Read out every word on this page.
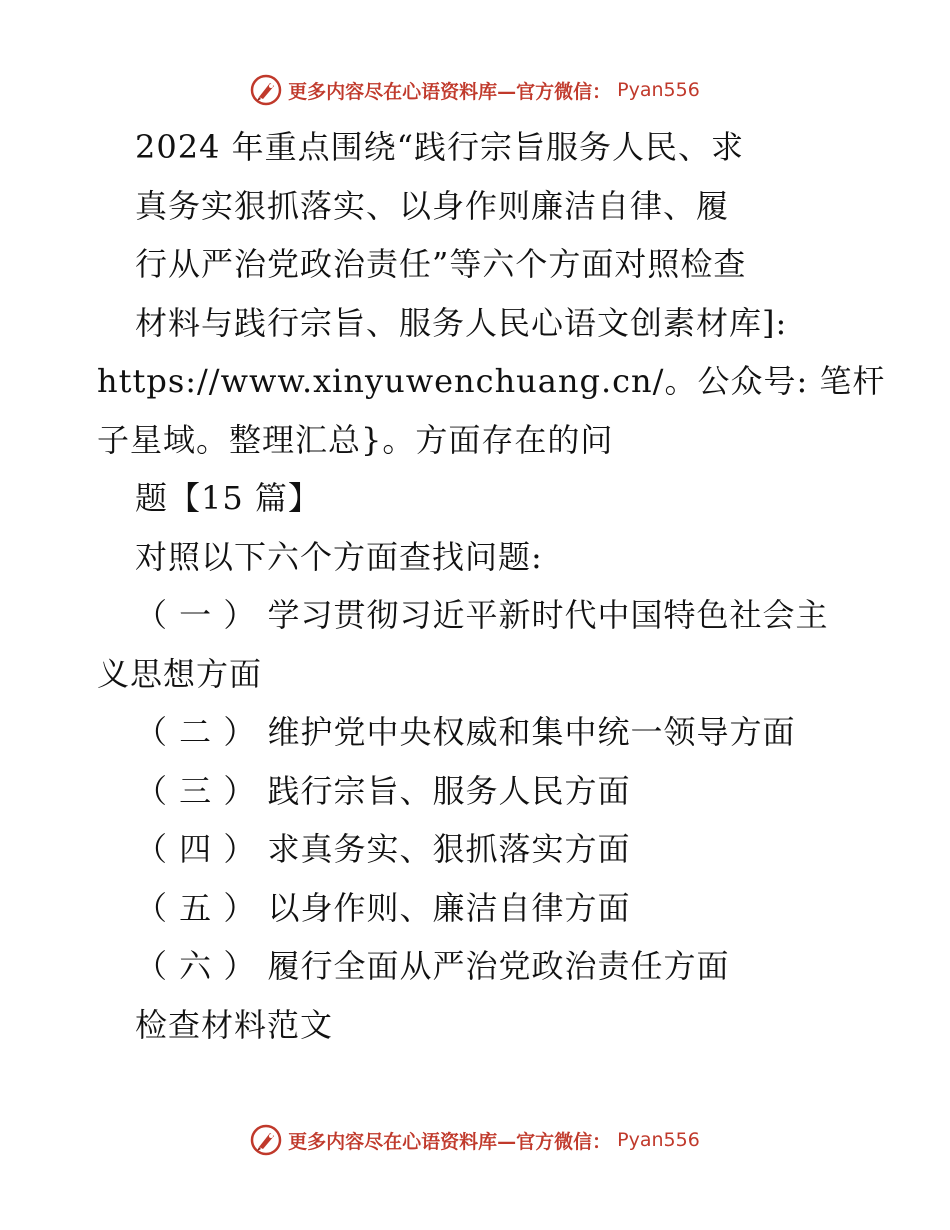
更多内容尽在心语资料库—官方微信： Pyan556
2024 年重点围绕“践行宗旨服务人民、求
真务实狠抓落实、以身作则廉洁自律、履
行从严治党政治责任”等六个方面对照检查
材料与践行宗旨、服务人民心语文创素材库]:
https://www.xinyuwenchuang.cn/。公众号: 笔杆
子星域。整理汇总}。方面存在的问
题【15 篇】
对照以下六个方面查找问题:
（ 一 ） 学习贯彻习近平新时代中国特色社会主
义思想方面
（ 二 ） 维护党中央权威和集中统一领导方面
（ 三 ） 践行宗旨、服务人民方面
（ 四 ） 求真务实、狠抓落实方面
（ 五 ） 以身作则、廉洁自律方面
（ 六 ） 履行全面从严治党政治责任方面
检查材料范文
更多内容尽在心语资料库—官方微信： Pyan556
